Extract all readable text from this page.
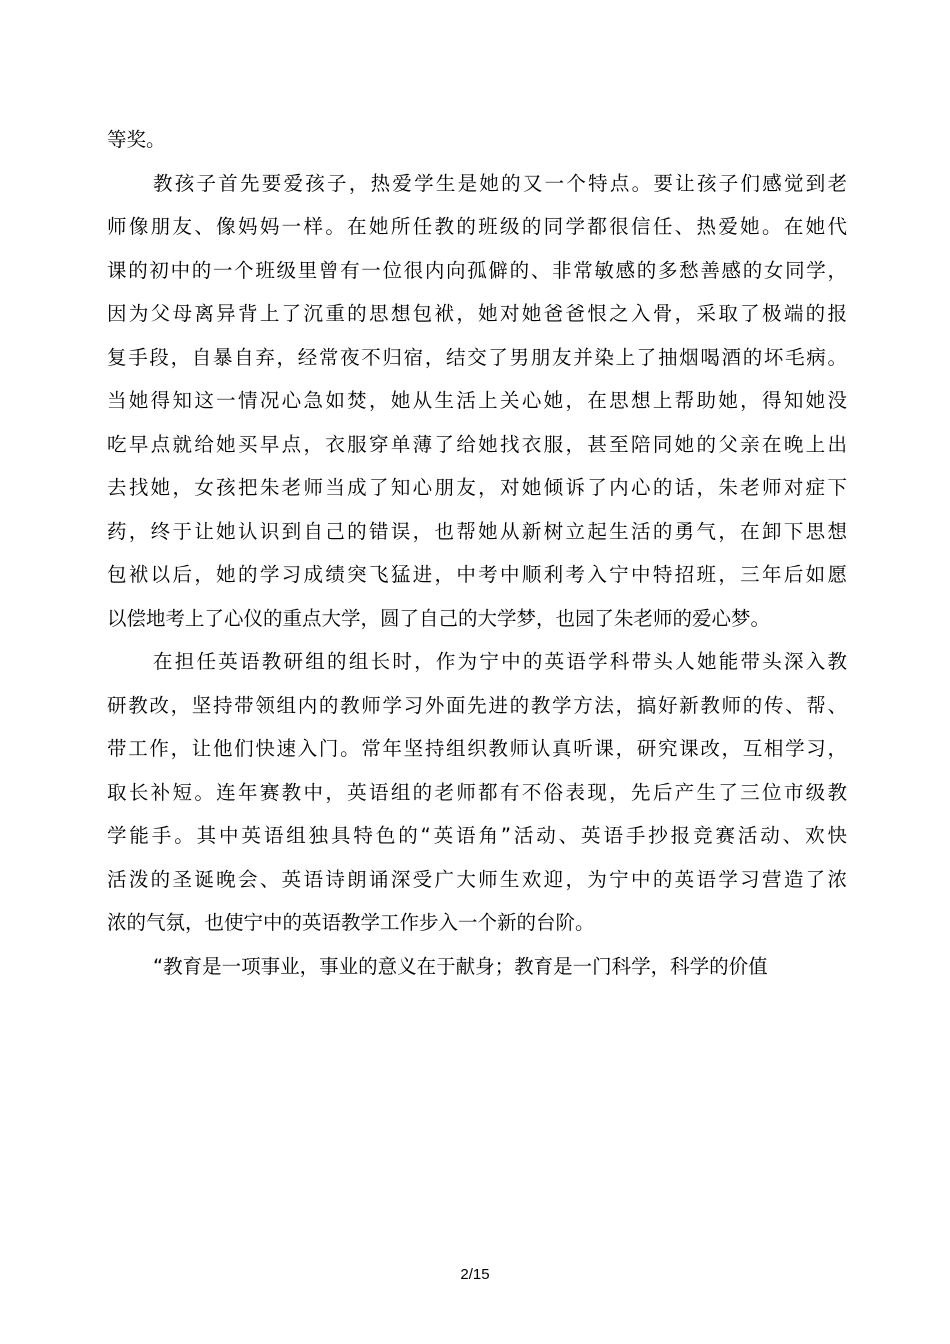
等奖。
教孩子首先要爱孩子，热爱学生是她的又一个特点。要让孩子们感觉到老
师像朋友、像妈妈一样。在她所任教的班级的同学都很信任、热爱她。在她代
课的初中的一个班级里曾有一位很内向孤僻的、非常敏感的多愁善感的女同学，
因为父母离异背上了沉重的思想包袱，她对她爸爸恨之入骨，采取了极端的报
复手段，自暴自弃，经常夜不归宿，结交了男朋友并染上了抽烟喝酒的坏毛病。
当她得知这一情况心急如焚，她从生活上关心她，在思想上帮助她，得知她没
吃早点就给她买早点，衣服穿单薄了给她找衣服，甚至陪同她的父亲在晚上出
去找她，女孩把朱老师当成了知心朋友，对她倾诉了内心的话，朱老师对症下
药，终于让她认识到自己的错误，也帮她从新树立起生活的勇气，在卸下思想
包袱以后，她的学习成绩突飞猛进，中考中顺利考入宁中特招班，三年后如愿
以偿地考上了心仪的重点大学，圆了自己的大学梦，也园了朱老师的爱心梦。
在担任英语教研组的组长时，作为宁中的英语学科带头人她能带头深入教
研教改，坚持带领组内的教师学习外面先进的教学方法，搞好新教师的传、帮、
带工作，让他们快速入门。常年坚持组织教师认真听课，研究课改，互相学习，
取长补短。连年赛教中，英语组的老师都有不俗表现，先后产生了三位市级教
学能手。其中英语组独具特色的“英语角”活动、英语手抄报竞赛活动、欢快
活泼的圣诞晚会、英语诗朗诵深受广大师生欢迎，为宁中的英语学习营造了浓
浓的气氛，也使宁中的英语教学工作步入一个新的台阶。
“教育是一项事业，事业的意义在于献身；教育是一门科学，科学的价值
2/15
